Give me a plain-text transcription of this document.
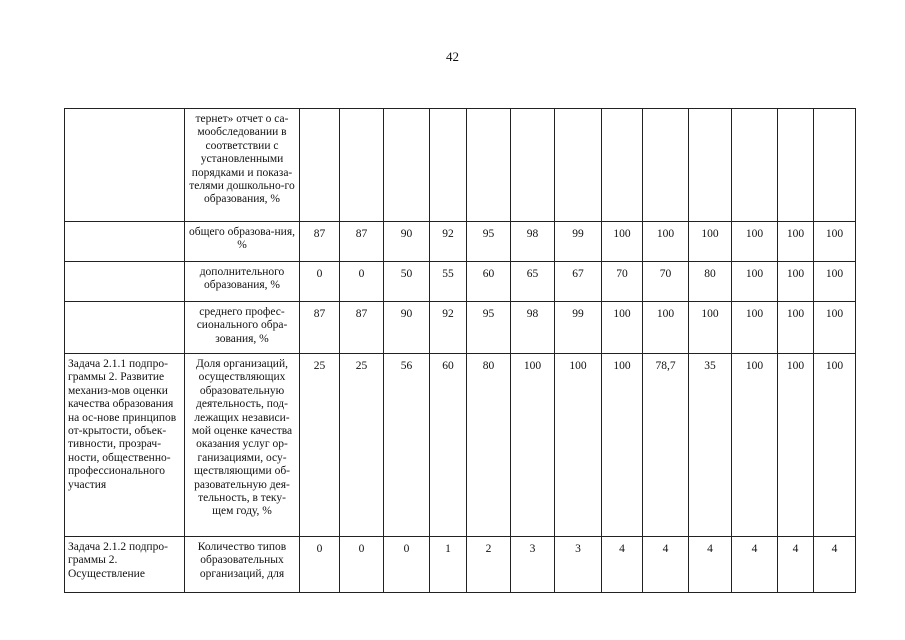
42
	тернет» отчет о са-мообследовании в соответствии с установленными порядками и показа-телями дошкольно-го образования, %													
	общего образова-ния, %	87	87	90	92	95	98	99	100	100	100	100	100	100
	дополнительного образования, %	0	0	50	55	60	65	67	70	70	80	100	100	100
	среднего профес-сионального обра-зования, %	87	87	90	92	95	98	99	100	100	100	100	100	100
Задача 2.1.1 подпро-граммы 2. Развитие механиз-мов оценки качества образования на ос-нове принципов от-крытости, объек-тивности, прозрач-ности, общественно-профессионального участия	Доля организаций, осуществляющих образовательную деятельность, под-лежащих независи-мой оценке качества оказания услуг ор-ганизациями, осу-ществляющими об-разовательную дея-тельность, в теку-щем году, %	25	25	56	60	80	100	100	100	78,7	35	100	100	100
Задача 2.1.2 подпро-граммы 2. Осуществление	Количество типов образовательных организаций, для	0	0	0	1	2	3	3	4	4	4	4	4	4
